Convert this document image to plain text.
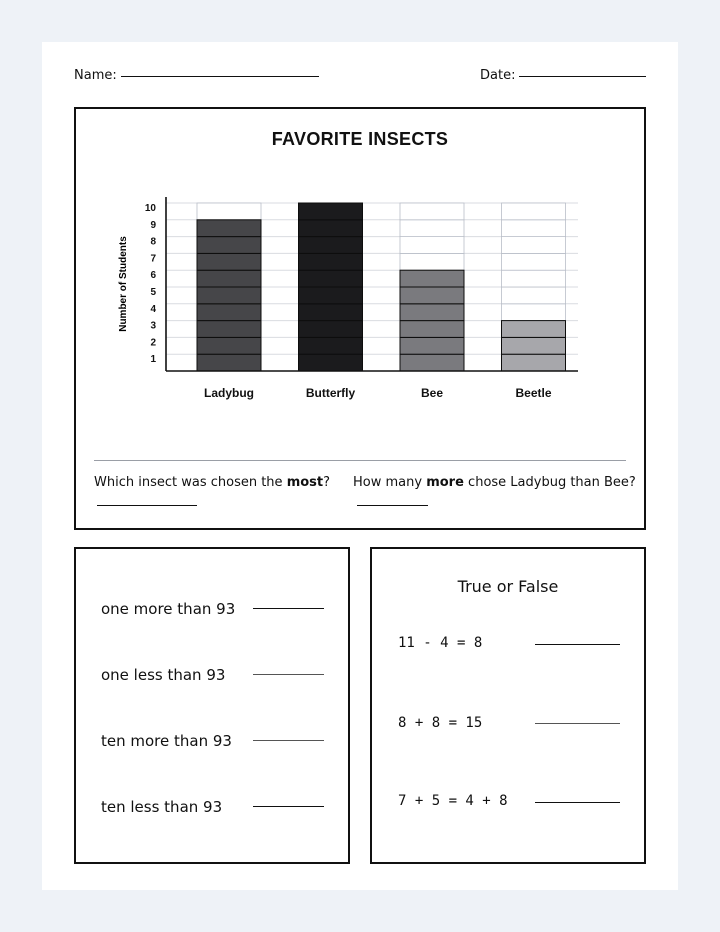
Name:	Date:
FAVORITE INSECTS
Number of Students
Ladybug	Butterfly	Bee	Beetle
1
2
3
4
5
6
7
8
9
10
Which insect was chosen the most? How many more chose Ladybug than Bee?
one more than 93
one less than 93
ten more than 93
ten less than 93
True or False
11 - 4 = 8
8 + 8 = 15
7 + 5 = 4 + 8
